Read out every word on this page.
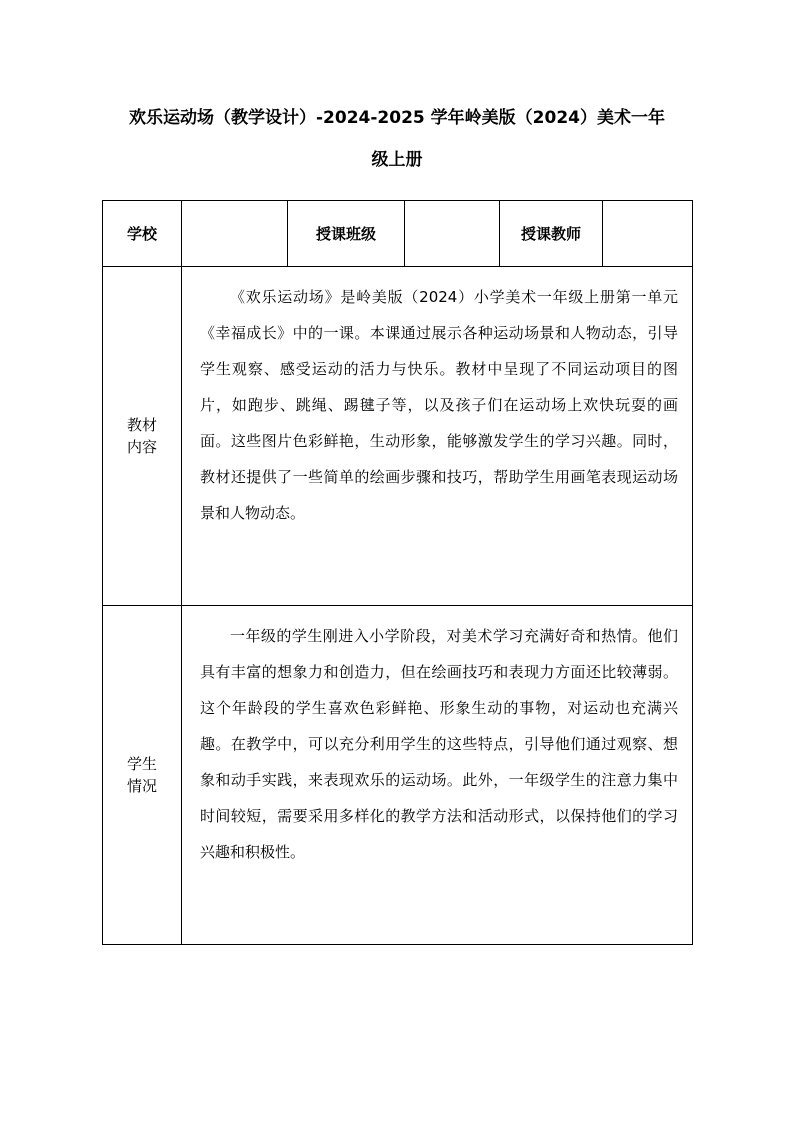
欢乐运动场（教学设计）-2024-2025 学年岭美版（2024）美术一年
级上册
学校		授课班级		授课教师	

教材
内容	《欢乐运动场》是岭美版（2024）小学美术一年级上册第一单元《幸福成长》中的一课。本课通过展示各种运动场景和人物动态，引导学生观察、感受运动的活力与快乐。教材中呈现了不同运动项目的图片，如跑步、跳绳、踢毽子等，以及孩子们在运动场上欢快玩耍的画面。这些图片色彩鲜艳，生动形象，能够激发学生的学习兴趣。同时，教材还提供了一些简单的绘画步骤和技巧，帮助学生用画笔表现运动场景和人物动态。				

学生
情况	一年级的学生刚进入小学阶段，对美术学习充满好奇和热情。他们具有丰富的想象力和创造力，但在绘画技巧和表现力方面还比较薄弱。这个年龄段的学生喜欢色彩鲜艳、形象生动的事物，对运动也充满兴趣。在教学中，可以充分利用学生的这些特点，引导他们通过观察、想象和动手实践，来表现欢乐的运动场。此外，一年级学生的注意力集中时间较短，需要采用多样化的教学方法和活动形式，以保持他们的学习兴趣和积极性。				
